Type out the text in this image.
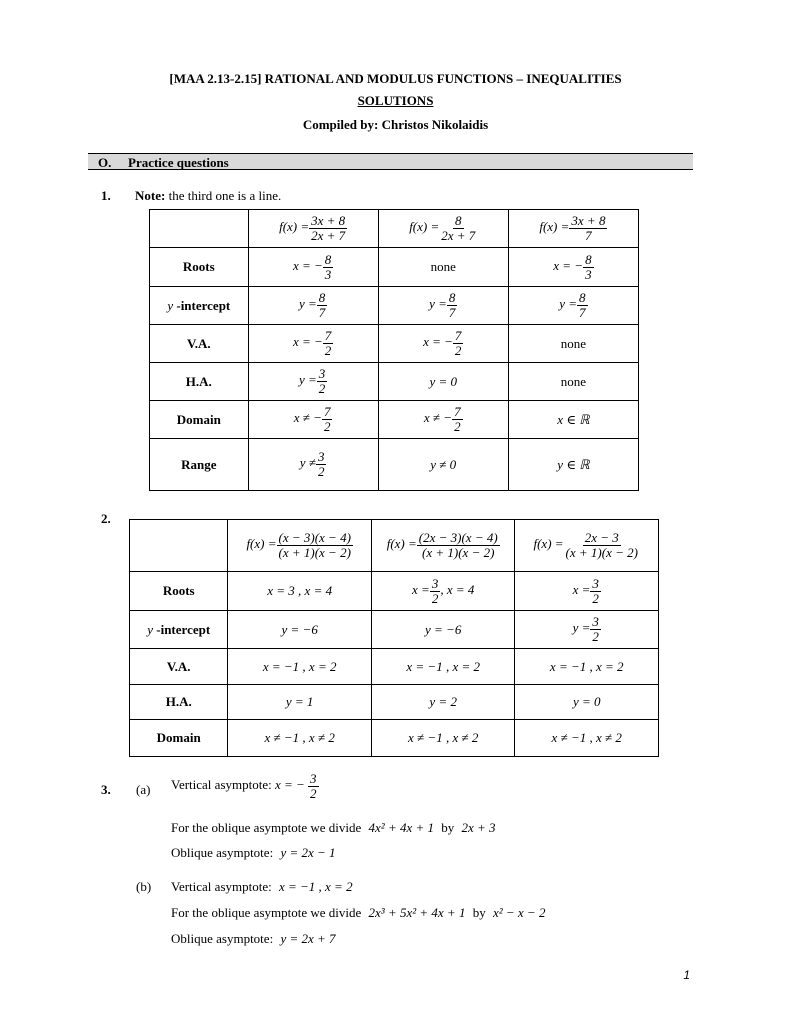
[MAA 2.13-2.15] RATIONAL AND MODULUS FUNCTIONS – INEQUALITIES
SOLUTIONS
Compiled by: Christos Nikolaidis
O. Practice questions
1. Note: the third one is a line.
	$f(x) = \frac{3x + 8}{2x + 7}$	$f(x) = \frac{8}{2x + 7}$	$f(x) = \frac{3x + 8}{7}$

Roots	x = − $\frac{8}{3}$	none	x = − $\frac{8}{3}$

y -intercept	$y = \frac{8}{7}$	$y = \frac{8}{7}$	$y = \frac{8}{7}$

V.A.	x = − $\frac{7}{2}$	x = − $\frac{7}{2}$	none
H.A.	$y = \frac{3}{2}$	y = 0	none
Domain	x ≠ − $\frac{7}{2}$	x ≠ − $\frac{7}{2}$	x ∈ ℝ
Range	$y \ne \frac{3}{2}$	y ≠ 0	y ∈ ℝ
2.
	$f(x) = \frac{(x - 3)(x - 4)}{(x + 1)(x - 2)}$	$f(x) = \frac{(2x - 3)(x - 4)}{(x + 1)(x - 2)}$	$f(x) = \frac{2x - 3}{(x + 1)(x - 2)}$

Roots	x = 3 , x = 4	$x = \frac{3}{2}$ , x = 4	$x = \frac{3}{2}$

y -intercept	y = −6	y = −6	$y = \frac{3}{2}$

V.A.	x = −1 , x = 2	x = −1 , x = 2	x = −1 , x = 2
H.A.	y = 1	y = 2	y = 0
Domain	x ≠ −1 , x ≠ 2	x ≠ −1 , x ≠ 2	x ≠ −1 , x ≠ 2
3. (a) Vertical asymptote: x = − $\frac{3}{2}$
For the oblique asymptote we divide 4x² + 4x + 1 by 2x + 3
Oblique asymptote: y = 2x − 1
(b) Vertical asymptote: x = −1 , x = 2
For the oblique asymptote we divide 2x³ + 5x² + 4x + 1 by x² − x − 2
Oblique asymptote: y = 2x + 7
1
